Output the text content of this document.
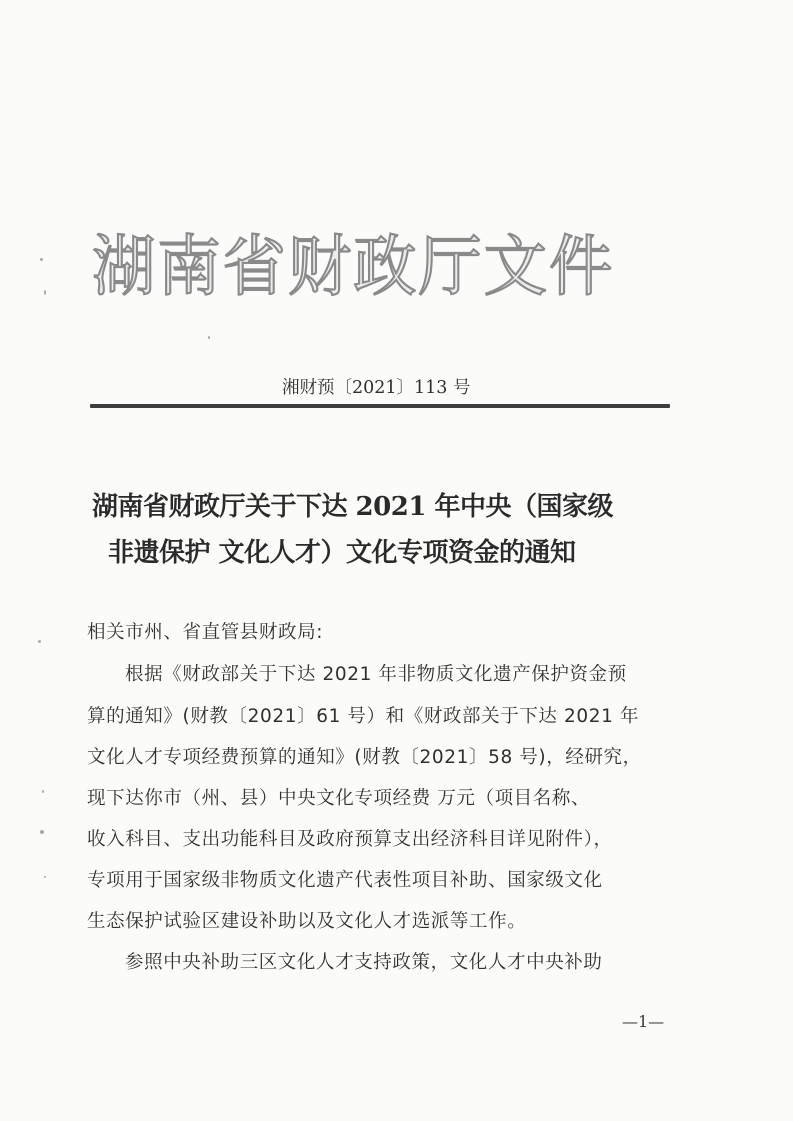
湖南省财政厅文件
湘财预〔2021〕113 号
湖南省财政厅关于下达 2021 年中央（国家级
非遗保护 文化人才）文化专项资金的通知
相关市州、省直管县财政局:
根据《财政部关于下达 2021 年非物质文化遗产保护资金预
算的通知》(财教〔2021〕61 号）和《财政部关于下达 2021 年
文化人才专项经费预算的通知》(财教〔2021〕58 号)，经研究，
现下达你市（州、县）中央文化专项经费 万元（项目名称、
收入科目、支出功能科目及政府预算支出经济科目详见附件），
专项用于国家级非物质文化遗产代表性项目补助、国家级文化
生态保护试验区建设补助以及文化人才选派等工作。
参照中央补助三区文化人才支持政策，文化人才中央补助
—1—
